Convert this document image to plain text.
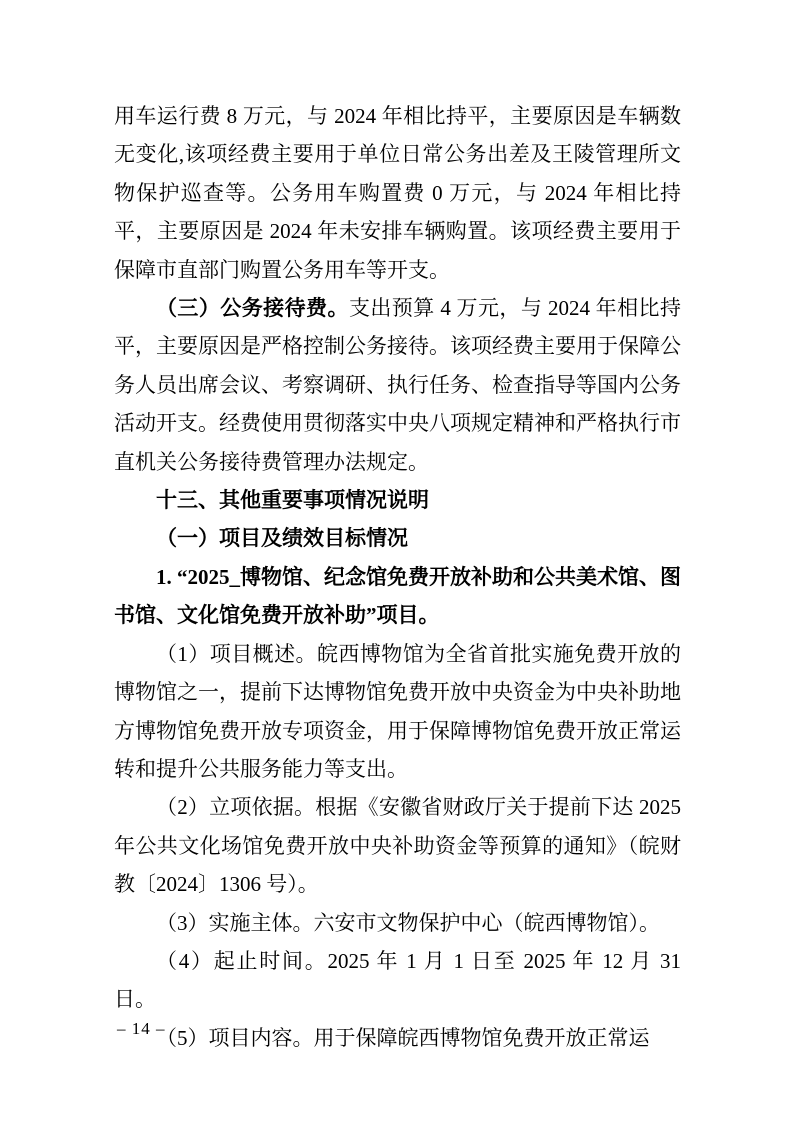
用车运行费 8 万元，与 2024 年相比持平，主要原因是车辆数无变化,该项经费主要用于单位日常公务出差及王陵管理所文物保护巡查等。公务用车购置费 0 万元，与 2024 年相比持平，主要原因是 2024 年未安排车辆购置。该项经费主要用于保障市直部门购置公务用车等开支。

（三）公务接待费。支出预算 4 万元，与 2024 年相比持平，主要原因是严格控制公务接待。该项经费主要用于保障公务人员出席会议、考察调研、执行任务、检查指导等国内公务活动开支。经费使用贯彻落实中央八项规定精神和严格执行市直机关公务接待费管理办法规定。

十三、其他重要事项情况说明

（一）项目及绩效目标情况

1. “2025_博物馆、纪念馆免费开放补助和公共美术馆、图书馆、文化馆免费开放补助”项目。

（1）项目概述。皖西博物馆为全省首批实施免费开放的博物馆之一，提前下达博物馆免费开放中央资金为中央补助地方博物馆免费开放专项资金，用于保障博物馆免费开放正常运转和提升公共服务能力等支出。

（2）立项依据。根据《安徽省财政厅关于提前下达 2025 年公共文化场馆免费开放中央补助资金等预算的通知》（皖财教〔2024〕1306 号）。

（3）实施主体。六安市文物保护中心（皖西博物馆）。

（4）起止时间。2025 年 1 月 1 日至 2025 年 12 月 31 日。

（5）项目内容。用于保障皖西博物馆免费开放正常运

– 14 –
